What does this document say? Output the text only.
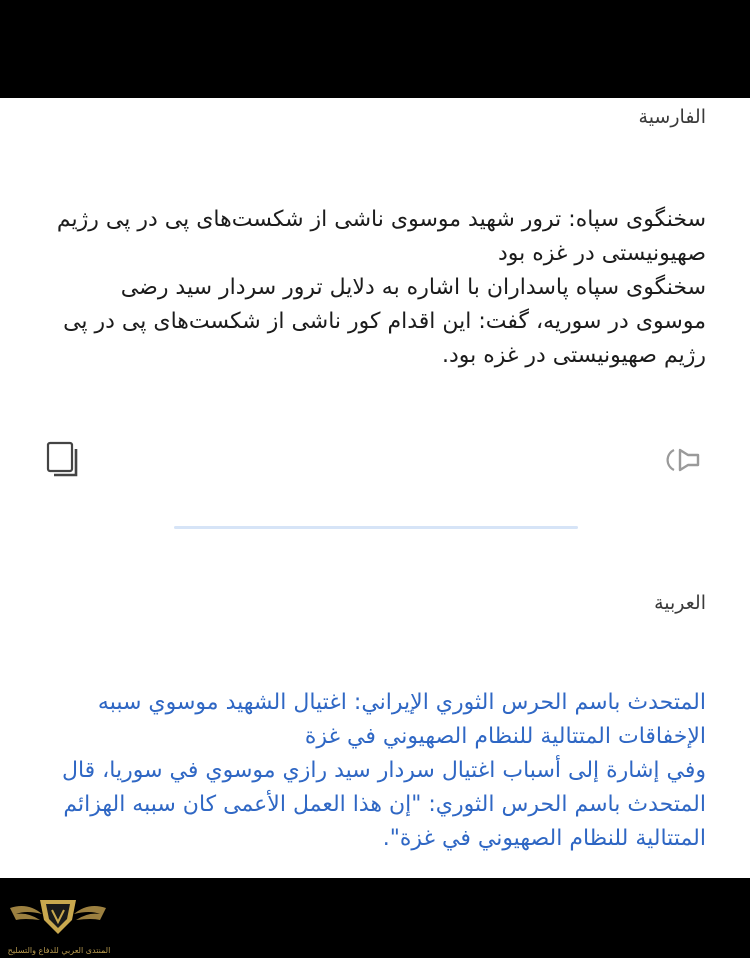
الفارسية
سخنگوی سپاه: ترور شهید موسوی ناشی از شکست‌های پی در پی رژیم صهیونیستی در غزه بود
سخنگوی سپاه پاسداران با اشاره به دلایل ترور سردار سید رضی موسوی در سوریه، گفت: این اقدام کور ناشی از شکست‌های پی در پی رژیم صهیونیستی در غزه بود.
العربية
المتحدث باسم الحرس الثوري الإيراني: اغتيال الشهيد موسوي سببه الإخفاقات المتتالية للنظام الصهيوني في غزة
وفي إشارة إلى أسباب اغتيال سردار سيد رازي موسوي في سوريا، قال المتحدث باسم الحرس الثوري: "إن هذا العمل الأعمى كان سببه الهزائم المتتالية للنظام الصهيوني في غزة".
المنتدى العربي للدفاع والتسليح
